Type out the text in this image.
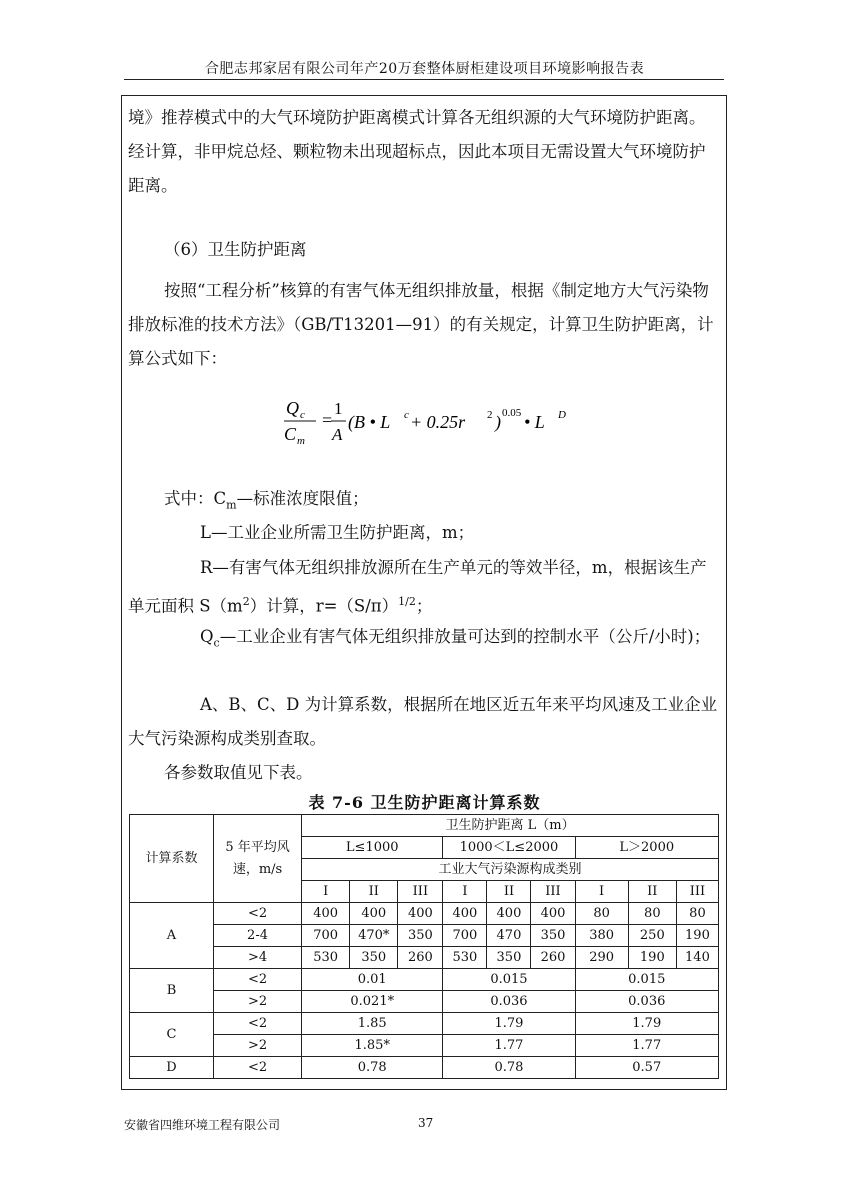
合肥志邦家居有限公司年产20万套整体厨柜建设项目环境影响报告表

境》推荐模式中的大气环境防护距离模式计算各无组织源的大气环境防护距离。经计算，非甲烷总烃、颗粒物未出现超标点，因此本项目无需设置大气环境防护距离。

（6）卫生防护距离

按照“工程分析”核算的有害气体无组织排放量，根据《制定地方大气污染物排放标准的技术方法》（GB/T13201—91）的有关规定，计算卫生防护距离，计算公式如下：

Q c
C m
=
1
A
(B • L c + 0.25r 2 ) 0.05 • L D

式中：$C_m—$标准浓度限值；

L—工业企业所需卫生防护距离，m；

R—有害气体无组织排放源所在生产单元的等效半径，m，根据该生产单元面积 $S(m^2)$计算，$r=(S/\pi)^{1/2}$；

$Q_c—$工业企业有害气体无组织排放量可达到的控制水平（公斤/小时)；

A、B、C、D 为计算系数，根据所在地区近五年来平均风速及工业企业大气污染源构成类别查取。

各参数取值见下表。

表 7-6 卫生防护距离计算系数
计算系数	5 年平均风速，m/s	卫生防护距离 L（m）								
		L≤1000			1000＜L≤2000			L＞2000		
		工业大气污染源构成类别								
		I	II	III	I	II	III	I	II	III
A	<2	400	400	400	400	400	400	80	80	80
	2-4	700	470*	350	700	470	350	380	250	190
	>4	530	350	260	530	350	260	290	190	140
B	<2	0.01			0.015			0.015		
	>2	0.021*			0.036			0.036		
C	<2	1.85			1.79			1.79		
	>2	1.85*			1.77			1.77		
D	<2	0.78			0.78			0.57		
安徽省四维环境工程有限公司	37
